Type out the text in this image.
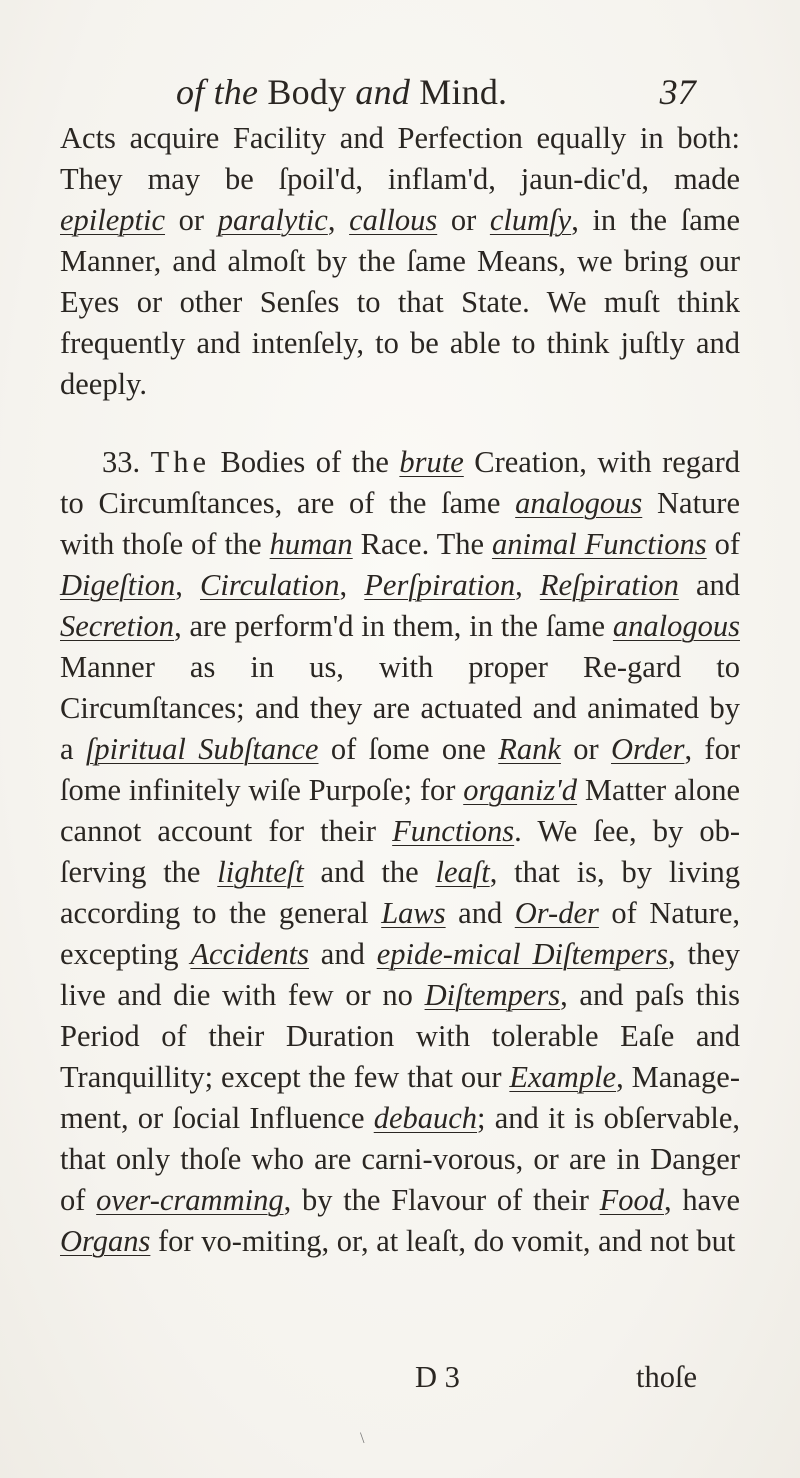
of the Body and Mind.	37

Acts acquire Facility and Perfection equally in both: They may be ſpoil'd, inflam'd, jaun-dic'd, made epileptic or paralytic, callous or clumſy, in the ſame Manner, and almoſt by the ſame Means, we bring our Eyes or other Senſes to that State. We muſt think frequently and intenſely, to be able to think juſtly and deeply.

33. The Bodies of the brute Creation, with regard to Circumſtances, are of the ſame analogous Nature with thoſe of the human Race. The animal Functions of Digeſtion, Circulation, Perſpiration, Reſpiration and Secretion, are perform'd in them, in the ſame analogous Manner as in us, with proper Re-gard to Circumſtances; and they are actuated and animated by a ſpiritual Subſtance of ſome one Rank or Order, for ſome infinitely wiſe Purpoſe; for organiz'd Matter alone cannot account for their Functions. We ſee, by ob-ſerving the lighteſt and the leaſt, that is, by living according to the general Laws and Or-der of Nature, excepting Accidents and epide-mical Diſtempers, they live and die with few or no Diſtempers, and paſs this Period of their Duration with tolerable Eaſe and Tranquillity; except the few that our Example, Manage-ment, or ſocial Influence debauch; and it is obſervable, that only thoſe who are carni-vorous, or are in Danger of over-cramming, by the Flavour of their Food, have Organs for vo-miting, or, at leaſt, do vomit, and not but

D 3	thoſe
\
